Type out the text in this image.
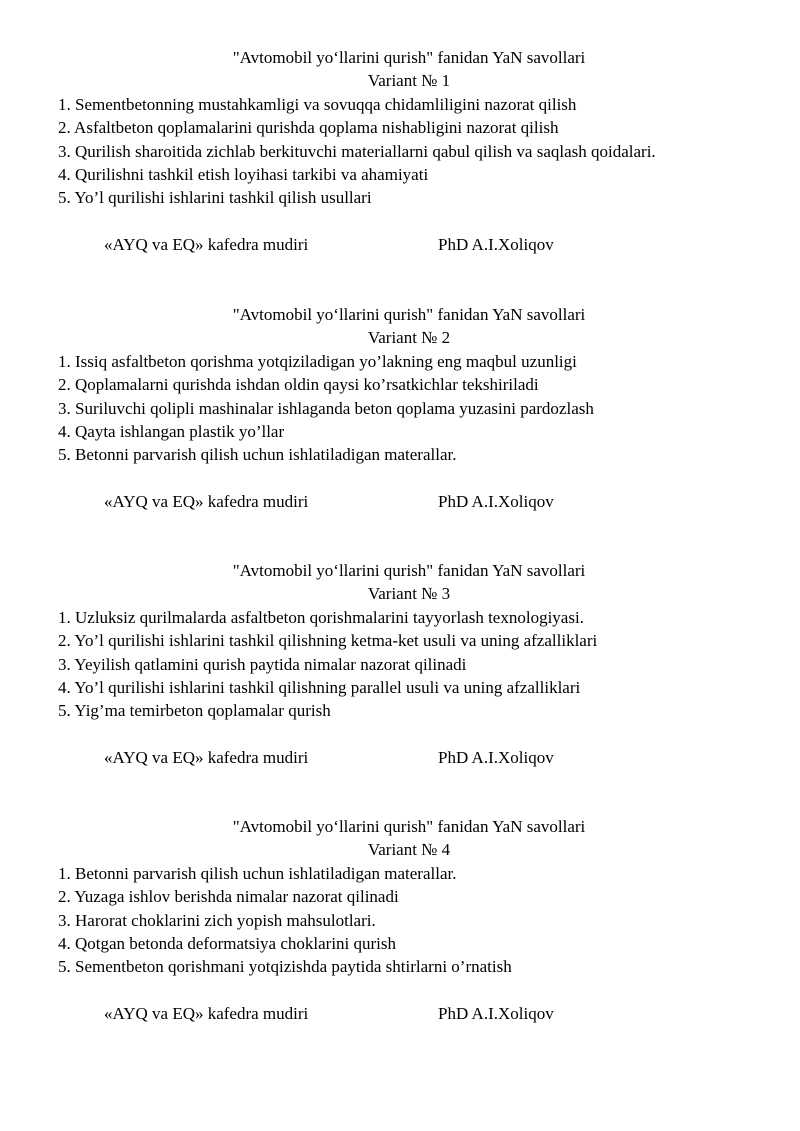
"Avtomobil yo‘llarini qurish" fanidan YaN savollari
Variant № 1
1. Sementbetonning mustahkamligi va sovuqqa chidamliligini nazorat qilish
2. Asfaltbeton qoplamalarini qurishda qoplama nishabligini nazorat qilish
3. Qurilish sharoitida zichlab berkituvchi materiallarni qabul qilish va saqlash qoidalari.
4. Qurilishni tashkil etish loyihasi tarkibi va ahamiyati
5. Yo’l qurilishi ishlarini tashkil qilish usullari
«AYQ va EQ» kafedra mudiri	PhD A.I.Xoliqov
"Avtomobil yo‘llarini qurish" fanidan YaN savollari
Variant № 2
1. Issiq asfaltbeton qorishma yotqiziladigan yo’lakning eng maqbul uzunligi
2. Qoplamalarni qurishda ishdan oldin qaysi ko’rsatkichlar tekshiriladi
3. Suriluvchi qolipli mashinalar ishlaganda beton qoplama yuzasini pardozlash
4. Qayta ishlangan plastik yo’llar
5. Betonni parvarish qilish uchun ishlatiladigan materallar.
«AYQ va EQ» kafedra mudiri	PhD A.I.Xoliqov
"Avtomobil yo‘llarini qurish" fanidan YaN savollari
Variant № 3
1. Uzluksiz qurilmalarda asfaltbeton qorishmalarini tayyorlash texnologiyasi.
2. Yo’l qurilishi ishlarini tashkil qilishning ketma-ket usuli va uning afzalliklari
3. Yeyilish qatlamini qurish paytida nimalar nazorat qilinadi
4. Yo’l qurilishi ishlarini tashkil qilishning parallel usuli va uning afzalliklari
5. Yig’ma temirbeton qoplamalar qurish
«AYQ va EQ» kafedra mudiri	PhD A.I.Xoliqov
"Avtomobil yo‘llarini qurish" fanidan YaN savollari
Variant № 4
1. Betonni parvarish qilish uchun ishlatiladigan materallar.
2. Yuzaga ishlov berishda nimalar nazorat qilinadi
3. Harorat choklarini zich yopish mahsulotlari.
4. Qotgan betonda deformatsiya choklarini qurish
5. Sementbeton qorishmani yotqizishda paytida shtirlarni o’rnatish
«AYQ va EQ» kafedra mudiri	PhD A.I.Xoliqov
